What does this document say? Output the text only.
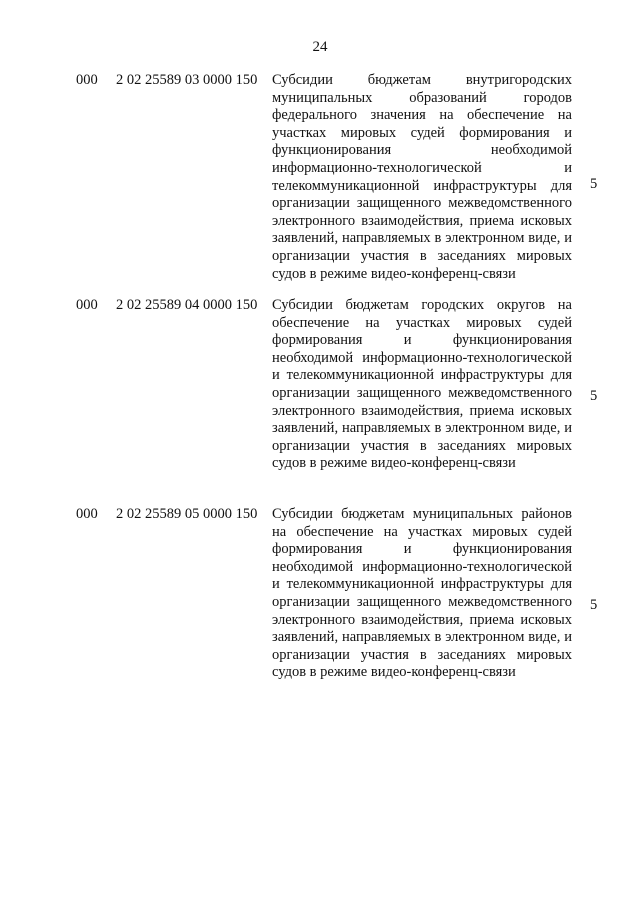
24
000 2 02 25589 03 0000 150 Субсидии бюджетам внутригородских муниципальных образований городов федерального значения на обеспечение на участках мировых судей формирования и функционирования необходимой информационно-технологической и телекоммуникационной инфраструктуры для организации защищенного межведомственного электронного взаимодействия, приема исковых заявлений, направляемых в электронном виде, и организации участия в заседаниях мировых судов в режиме видео-конференц-связи

5
000 2 02 25589 04 0000 150 Субсидии бюджетам городских округов на обеспечение на участках мировых судей формирования и функционирования необходимой информационно-технологической и телекоммуникационной инфраструктуры для организации защищенного межведомственного электронного взаимодействия, приема исковых заявлений, направляемых в электронном виде, и организации участия в заседаниях мировых судов в режиме видео-конференц-связи

5
000 2 02 25589 05 0000 150 Субсидии бюджетам муниципальных районов на обеспечение на участках мировых судей формирования и функционирования необходимой информационно-технологической и телекоммуникационной инфраструктуры для организации защищенного межведомственного электронного взаимодействия, приема исковых заявлений, направляемых в электронном виде, и организации участия в заседаниях мировых судов в режиме видео-конференц-связи

5
